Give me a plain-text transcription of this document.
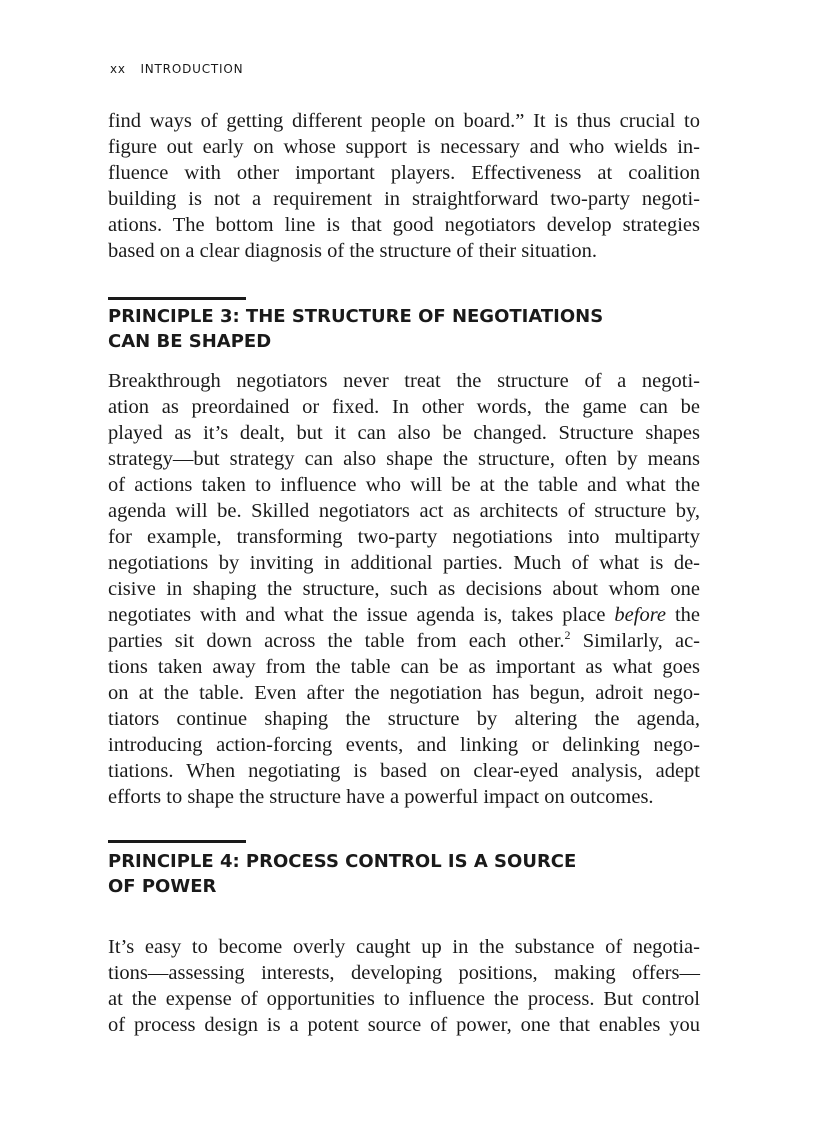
xx INTRODUCTION
find ways of getting different people on board.” It is thus crucial to
figure out early on whose support is necessary and who wields in-
fluence with other important players. Effectiveness at coalition
building is not a requirement in straightforward two-party negoti-
ations. The bottom line is that good negotiators develop strategies
based on a clear diagnosis of the structure of their situation.
PRINCIPLE 3: THE STRUCTURE OF NEGOTIATIONS
CAN BE SHAPED
Breakthrough negotiators never treat the structure of a negoti-
ation as preordained or fixed. In other words, the game can be
played as it’s dealt, but it can also be changed. Structure shapes
strategy—but strategy can also shape the structure, often by means
of actions taken to influence who will be at the table and what the
agenda will be. Skilled negotiators act as architects of structure by,
for example, transforming two-party negotiations into multiparty
negotiations by inviting in additional parties. Much of what is de-
cisive in shaping the structure, such as decisions about whom one
negotiates with and what the issue agenda is, takes place before the
parties sit down across the table from each other.$^2$ Similarly, ac-
tions taken away from the table can be as important as what goes
on at the table. Even after the negotiation has begun, adroit nego-
tiators continue shaping the structure by altering the agenda,
introducing action-forcing events, and linking or delinking nego-
tiations. When negotiating is based on clear-eyed analysis, adept
efforts to shape the structure have a powerful impact on outcomes.
PRINCIPLE 4: PROCESS CONTROL IS A SOURCE
OF POWER
It’s easy to become overly caught up in the substance of negotia-
tions—assessing interests, developing positions, making offers—
at the expense of opportunities to influence the process. But control
of process design is a potent source of power, one that enables you
